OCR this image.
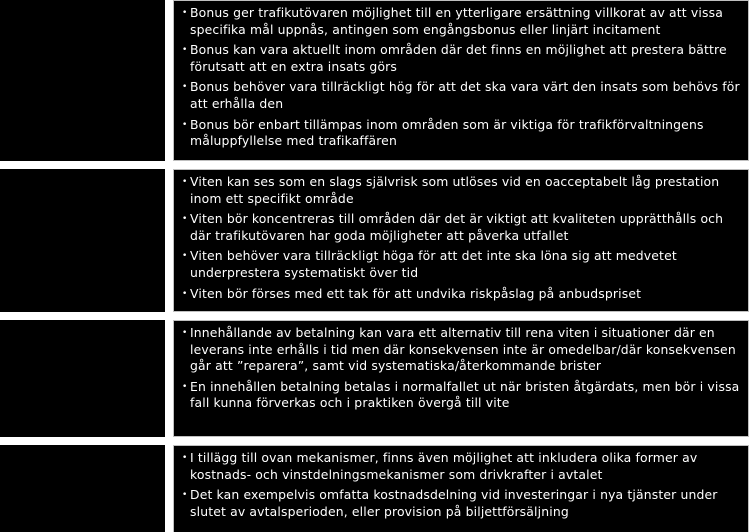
• Bonus ger trafikutövaren möjlighet till en ytterligare ersättning villkorat av att vissa specifika mål uppnås, antingen som engångsbonus eller linjärt incitament
• Bonus kan vara aktuellt inom områden där det finns en möjlighet att prestera bättre förutsatt att en extra insats görs
• Bonus behöver vara tillräckligt hög för att det ska vara värt den insats som behövs för att erhålla den
• Bonus bör enbart tillämpas inom områden som är viktiga för trafikförvaltningens måluppfyllelse med trafikaffären
• Viten kan ses som en slags självrisk som utlöses vid en oacceptabelt låg prestation inom ett specifikt område
• Viten bör koncentreras till områden där det är viktigt att kvaliteten upprätthålls och där trafikutövaren har goda möjligheter att påverka utfallet
• Viten behöver vara tillräckligt höga för att det inte ska löna sig att medvetet underprestera systematiskt över tid
• Viten bör förses med ett tak för att undvika riskpåslag på anbudspriset
• Innehållande av betalning kan vara ett alternativ till rena viten i situationer där en leverans inte erhålls i tid men där konsekvensen inte är omedelbar/där konsekvensen går att ”reparera”, samt vid systematiska/återkommande brister
• En innehållen betalning betalas i normalfallet ut när bristen åtgärdats, men bör i vissa fall kunna förverkas och i praktiken övergå till vite
• I tillägg till ovan mekanismer, finns även möjlighet att inkludera olika former av kostnads- och vinstdelningsmekanismer som drivkrafter i avtalet
• Det kan exempelvis omfatta kostnadsdelning vid investeringar i nya tjänster under slutet av avtalsperioden, eller provision på biljettförsäljning
